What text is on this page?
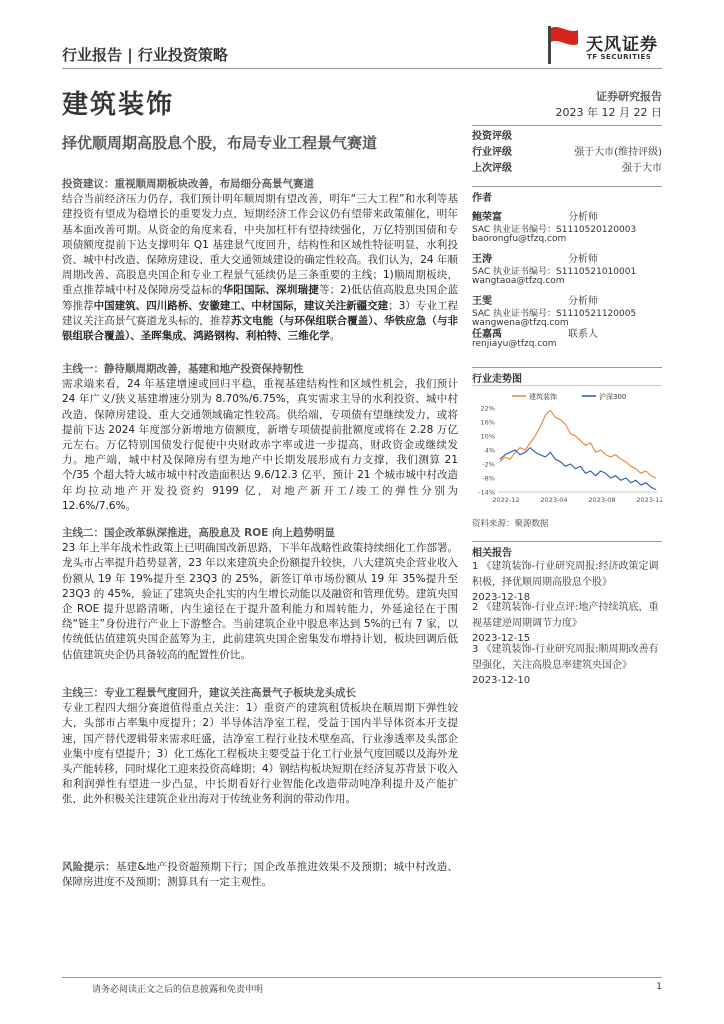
行业报告 | 行业投资策略	天风证券
TF SECURITIES
建筑装饰	证券研究报告
2023 年 12 月 22 日
择优顺周期高股息个股，布局专业工程景气赛道	投资评级
行业评级	强于大市(维持评级)
上次评级	强于大市
作者
鲍荣富	分析师
SAC 执业证书编号：S1110520120003
baorongfu@tfzq.com
王涛	分析师
SAC 执业证书编号：S1110521010001
wangtaoa@tfzq.com
王雯	分析师
SAC 执业证书编号：S1110521120005
wangwena@tfzq.com
任嘉禹	联系人
renjiayu@tfzq.com
行业走势图
建筑装饰	沪深300
22%
16%
10%
4%
-2%
-8%
-14%
2022-12	2023-04	2023-08	2023-12
资料来源：聚源数据
相关报告
1 《建筑装饰-行业研究周报:经济政策定调积极，择优顺周期高股息个股》
2023-12-18
2 《建筑装饰-行业点评:地产持续筑底，重视基建逆周期调节力度》
2023-12-15
3 《建筑装饰-行业研究周报:顺周期改善有望强化，关注高股息率建筑央国企》
2023-12-10
投资建议：重视顺周期板块改善，布局细分高景气赛道
结合当前经济压力仍存，我们预计明年顺周期有望改善，明年“三大工程”和水利等基建投资有望成为稳增长的重要发力点，短期经济工作会议仍有望带来政策催化，明年基本面改善可期。从资金的角度来看，中央加杠杆有望持续强化，万亿特别国债和专项债额度提前下达支撑明年 Q1 基建景气度回升，结构性和区域性特征明显，水利投资、城中村改造、保障房建设、重大交通领域建设的确定性较高。我们认为，24 年顺周期改善、高股息央国企和专业工程景气延续仍是三条重要的主线；1)顺周期板块，重点推荐城中村及保障房受益标的华阳国际、深圳瑞捷等；2)低估值高股息央国企蓝筹推荐中国建筑、四川路桥、安徽建工、中材国际，建议关注新疆交建；3）专业工程建议关注高景气赛道龙头标的，推荐苏文电能（与环保组联合覆盖）、华铁应急（与非银组联合覆盖）、圣晖集成、鸿路钢构、利柏特、三维化学。
主线一：静待顺周期改善，基建和地产投资保持韧性
需求端来看，24 年基建增速或回归平稳，重视基建结构性和区域性机会，我们预计 24 年广义/狭义基建增速分别为 8.70%/6.75%，真实需求主导的水利投资、城中村改造、保障房建设、重大交通领域确定性较高。供给端，专项债有望继续发力，或将提前下达 2024 年度部分新增地方债额度，新增专项债提前批额度或将在 2.28 万亿元左右。万亿特别国债发行促使中央财政赤字率或进一步提高，财政资金或继续发力。地产端，城中村及保障房有望为地产中长期发展形成有力支撑，我们测算 21 个/35 个超大特大城市城中村改造面积达 9.6/12.3 亿平，预计 21 个城市城中村改造年均拉动地产开发投资约 9199 亿，对地产新开工/竣工的弹性分别为 12.6%/7.6%。
主线二：国企改革纵深推进，高股息及 ROE 向上趋势明显
23 年上半年战术性政策上已明确国改新思路，下半年战略性政策持续细化工作部署。龙头市占率提升趋势显著，23 年以来建筑央企份额提升较快，八大建筑央企营业收入份额从 19 年 19%提升至 23Q3 的 25%，新签订单市场份额从 19 年 35%提升至 23Q3 的 45%，验证了建筑央企扎实的内生增长动能以及融资和管理优势。建筑央国企 ROE 提升思路清晰，内生途径在于提升盈利能力和周转能力，外延途径在于围绕“链主”身份进行产业上下游整合。当前建筑企业中股息率达到 5%的已有 7 家，以传统低估值建筑央国企蓝筹为主，此前建筑央国企密集发布增持计划，板块回调后低估值建筑央企仍具备较高的配置性价比。
主线三：专业工程景气度回升，建议关注高景气子板块龙头成长
专业工程四大细分赛道值得重点关注：1）重资产的建筑租赁板块在顺周期下弹性较大，头部市占率集中度提升；2）半导体洁净室工程，受益于国内半导体资本开支提速，国产替代逻辑带来需求旺盛，洁净室工程行业技术壁垒高，行业渗透率及头部企业集中度有望提升；3）化工炼化工程板块主要受益于化工行业景气度回暖以及海外龙头产能转移，同时煤化工迎来投资高峰期；4）钢结构板块短期在经济复苏背景下收入和利润弹性有望进一步凸显，中长期看好行业智能化改造带动吨净利提升及产能扩张，此外积极关注建筑企业出海对于传统业务利润的带动作用。
风险提示：基建&地产投资超预期下行；国企改革推进效果不及预期；城中村改造、保障房进度不及预期；测算具有一定主观性。
请务必阅读正文之后的信息披露和免责申明	1
